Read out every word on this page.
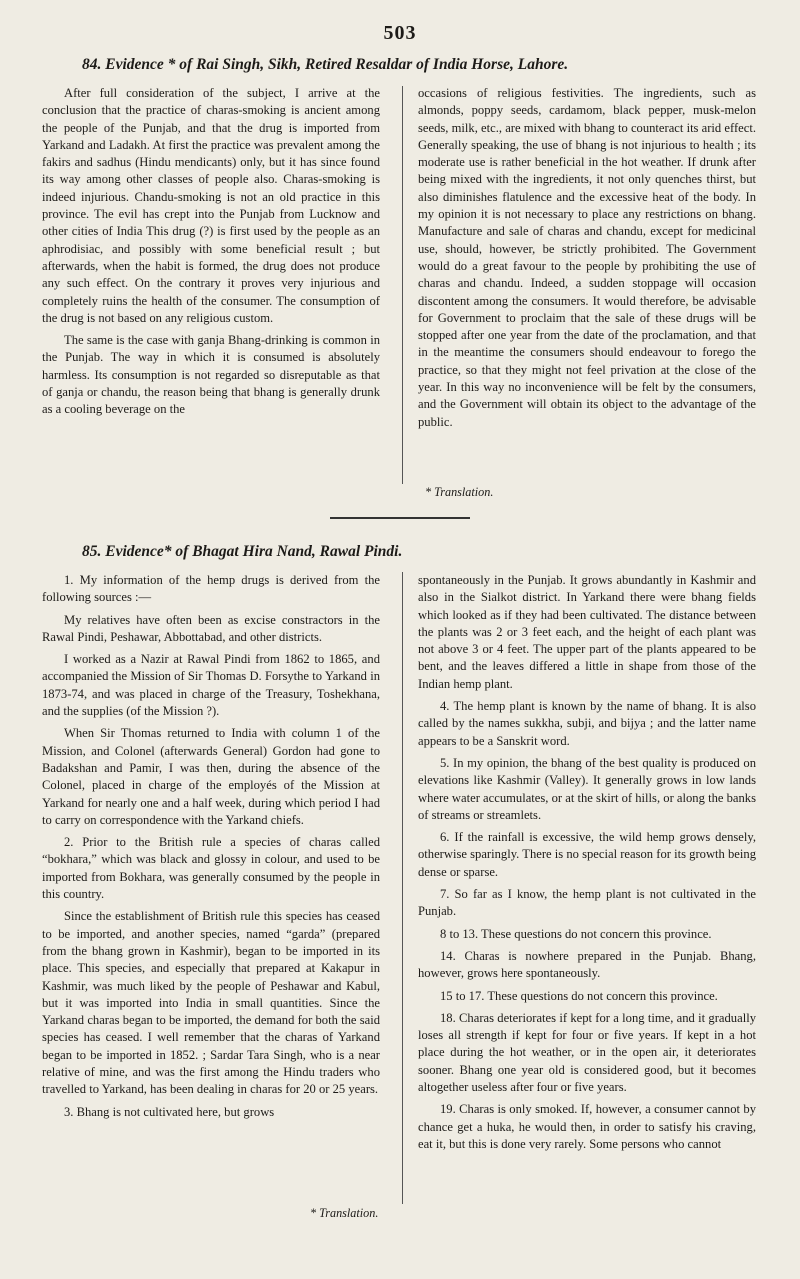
503
84. Evidence * of Rai Singh, Sikh, Retired Resaldar of India Horse, Lahore.

After full consideration of the subject, I arrive at the conclusion that the practice of charas-smoking is ancient among the people of the Punjab, and that the drug is imported from Yarkand and Ladakh. At first the practice was prevalent among the fakirs and sadhus (Hindu mendicants) only, but it has since found its way among other classes of people also. Charas-smoking is indeed injurious. Chandu-smoking is not an old practice in this province. The evil has crept into the Punjab from Lucknow and other cities of India This drug (?) is first used by the people as an aphrodisiac, and possibly with some beneficial result ; but afterwards, when the habit is formed, the drug does not produce any such effect. On the contrary it proves very injurious and completely ruins the health of the consumer. The consumption of the drug is not based on any religious custom.

The same is the case with ganja Bhang-drinking is common in the Punjab. The way in which it is consumed is absolutely harmless. Its consumption is not regarded so disreputable as that of ganja or chandu, the reason being that bhang is generally drunk as a cooling beverage on the

occasions of religious festivities. The ingredients, such as almonds, poppy seeds, cardamom, black pepper, musk-melon seeds, milk, etc., are mixed with bhang to counteract its arid effect. Generally speaking, the use of bhang is not injurious to health ; its moderate use is rather beneficial in the hot weather. If drunk after being mixed with the ingredients, it not only quenches thirst, but also diminishes flatulence and the excessive heat of the body. In my opinion it is not necessary to place any restrictions on bhang. Manufacture and sale of charas and chandu, except for medicinal use, should, however, be strictly prohibited. The Government would do a great favour to the people by prohibiting the use of charas and chandu. Indeed, a sudden stoppage will occasion discontent among the consumers. It would therefore, be advisable for Government to proclaim that the sale of these drugs will be stopped after one year from the date of the proclamation, and that in the meantime the consumers should endeavour to forego the practice, so that they might not feel privation at the close of the year. In this way no inconvenience will be felt by the consumers, and the Government will obtain its object to the advantage of the public.

* Translation.
85. Evidence* of Bhagat Hira Nand, Rawal Pindi.

1. My information of the hemp drugs is derived from the following sources :—

My relatives have often been as excise constractors in the Rawal Pindi, Peshawar, Abbottabad, and other districts.

I worked as a Nazir at Rawal Pindi from 1862 to 1865, and accompanied the Mission of Sir Thomas D. Forsythe to Yarkand in 1873-74, and was placed in charge of the Treasury, Toshekhana, and the supplies (of the Mission ?).

When Sir Thomas returned to India with column 1 of the Mission, and Colonel (afterwards General) Gordon had gone to Badakshan and Pamir, I was then, during the absence of the Colonel, placed in charge of the employés of the Mission at Yarkand for nearly one and a half week, during which period I had to carry on correspondence with the Yarkand chiefs.

2. Prior to the British rule a species of charas called “bokhara,” which was black and glossy in colour, and used to be imported from Bokhara, was generally consumed by the people in this country.

Since the establishment of British rule this species has ceased to be imported, and another species, named “garda” (prepared from the bhang grown in Kashmir), began to be imported in its place. This species, and especially that prepared at Kakapur in Kashmir, was much liked by the people of Peshawar and Kabul, but it was imported into India in small quantities. Since the Yarkand charas began to be imported, the demand for both the said species has ceased. I well remember that the charas of Yarkand began to be imported in 1852. ; Sardar Tara Singh, who is a near relative of mine, and was the first among the Hindu traders who travelled to Yarkand, has been dealing in charas for 20 or 25 years.

3. Bhang is not cultivated here, but grows

spontaneously in the Punjab. It grows abundantly in Kashmir and also in the Sialkot district. In Yarkand there were bhang fields which looked as if they had been cultivated. The distance between the plants was 2 or 3 feet each, and the height of each plant was not above 3 or 4 feet. The upper part of the plants appeared to be bent, and the leaves differed a little in shape from those of the Indian hemp plant.

4. The hemp plant is known by the name of bhang. It is also called by the names sukkha, subji, and bijya ; and the latter name appears to be a Sanskrit word.

5. In my opinion, the bhang of the best quality is produced on elevations like Kashmir (Valley). It generally grows in low lands where water accumulates, or at the skirt of hills, or along the banks of streams or streamlets.

6. If the rainfall is excessive, the wild hemp grows densely, otherwise sparingly. There is no special reason for its growth being dense or sparse.

7. So far as I know, the hemp plant is not cultivated in the Punjab.

8 to 13. These questions do not concern this province.

14. Charas is nowhere prepared in the Punjab. Bhang, however, grows here spontaneously.

15 to 17. These questions do not concern this province.

18. Charas deteriorates if kept for a long time, and it gradually loses all strength if kept for four or five years. If kept in a hot place during the hot weather, or in the open air, it deteriorates sooner. Bhang one year old is considered good, but it becomes altogether useless after four or five years.

19. Charas is only smoked. If, however, a consumer cannot by chance get a huka, he would then, in order to satisfy his craving, eat it, but this is done very rarely. Some persons who cannot

* Translation.
